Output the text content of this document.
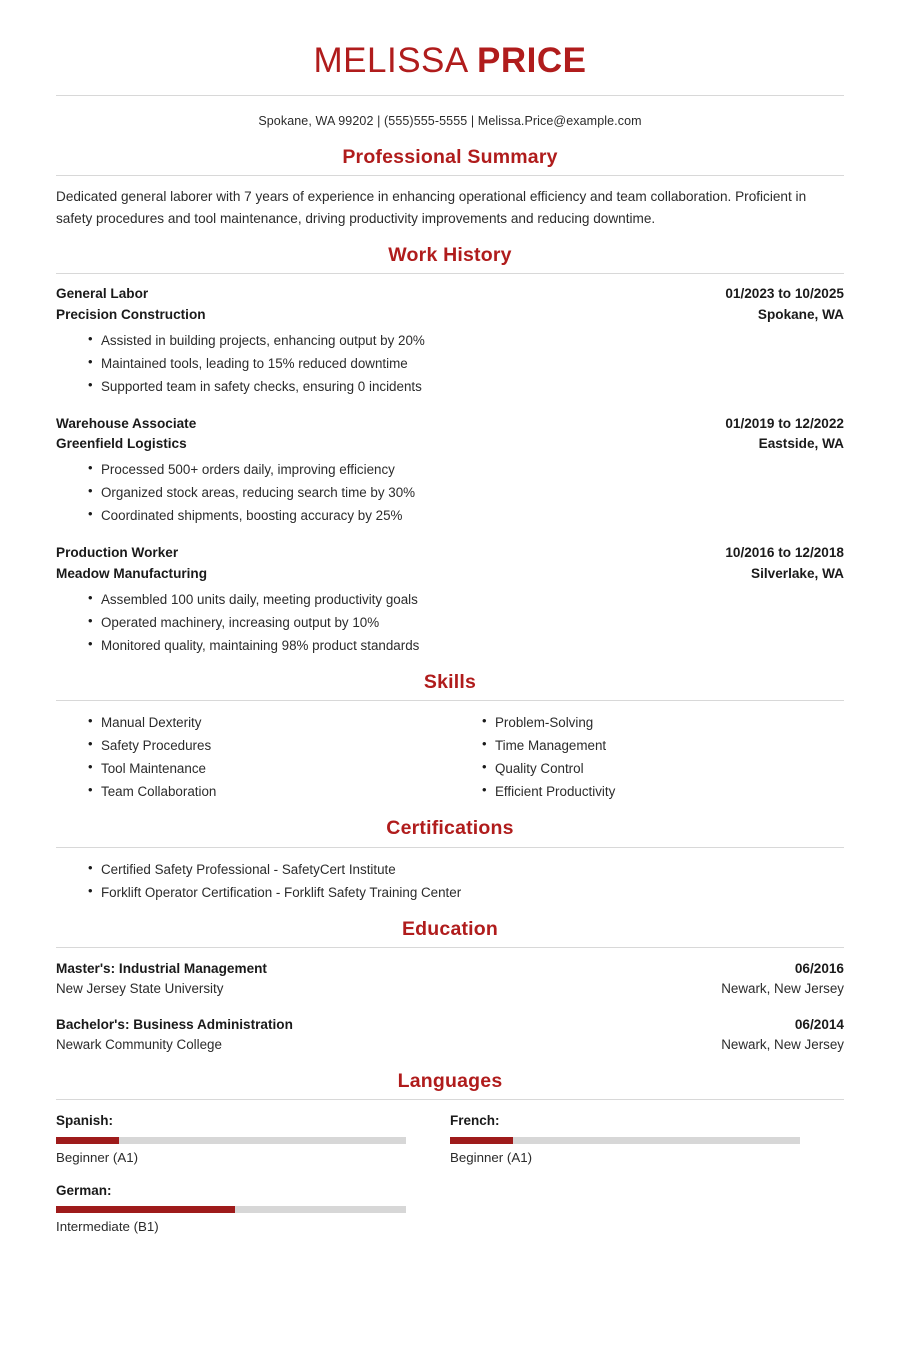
MELISSA PRICE
Spokane, WA 99202 | (555)555-5555 | Melissa.Price@example.com
Professional Summary

Dedicated general laborer with 7 years of experience in enhancing operational efficiency and team collaboration. Proficient in safety procedures and tool maintenance, driving productivity improvements and reducing downtime.

Work History
General Labor	01/2023 to 10/2025
Precision Construction	Spokane, WA
• Assisted in building projects, enhancing output by 20%
• Maintained tools, leading to 15% reduced downtime
• Supported team in safety checks, ensuring 0 incidents
Warehouse Associate	01/2019 to 12/2022
Greenfield Logistics	Eastside, WA
• Processed 500+ orders daily, improving efficiency
• Organized stock areas, reducing search time by 30%
• Coordinated shipments, boosting accuracy by 25%
Production Worker	10/2016 to 12/2018
Meadow Manufacturing	Silverlake, WA
• Assembled 100 units daily, meeting productivity goals
• Operated machinery, increasing output by 10%
• Monitored quality, maintaining 98% product standards
Skills
• Manual Dexterity
• Safety Procedures
• Tool Maintenance
• Team Collaboration
• Problem-Solving
• Time Management
• Quality Control
• Efficient Productivity
Certifications
• Certified Safety Professional - SafetyCert Institute
• Forklift Operator Certification - Forklift Safety Training Center
Education
Master's: Industrial Management	06/2016
New Jersey State University	Newark, New Jersey
Bachelor's: Business Administration	06/2014
Newark Community College	Newark, New Jersey
Languages
Spanish:
Beginner (A1)
French:
Beginner (A1)
German:
Intermediate (B1)
